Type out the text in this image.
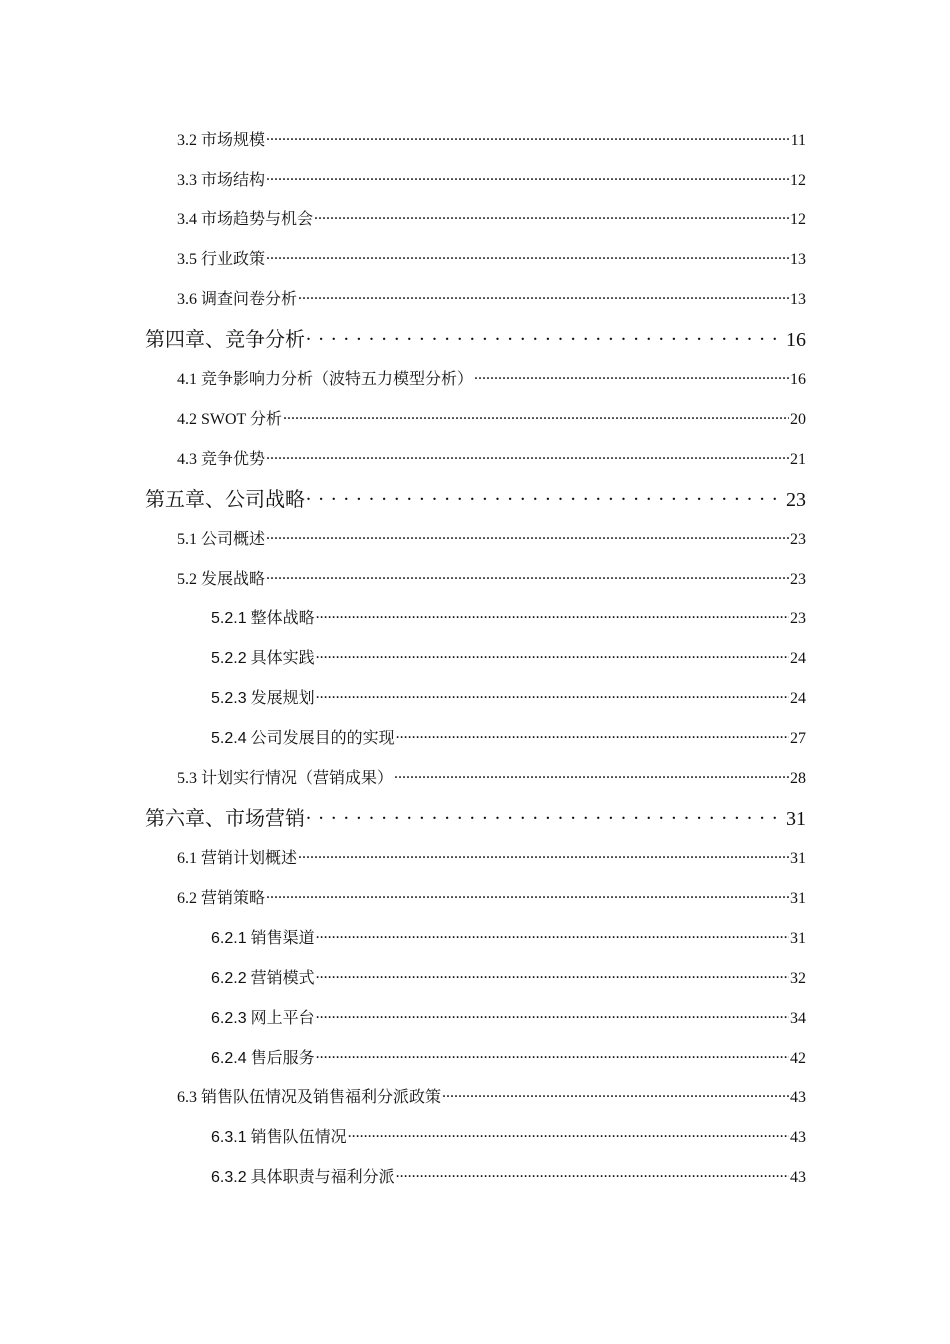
3.2 市场规模 .....	11
3.3 市场结构 .....	12
3.4 市场趋势与机会 .....	12
3.5 行业政策 .....	13
3.6 调查问卷分析 .....	13
第四章、竞争分析 . . .	16
4.1 竞争影响力分析（波特五力模型分析） .....	16
4.2 SWOT 分析 .....	20
4.3 竞争优势 .....	21
第五章、公司战略 . . .	23
5.1 公司概述 .....	23
5.2 发展战略 .....	23
5.2.1 整体战略 .....	23
5.2.2 具体实践 .....	24
5.2.3 发展规划 .....	24
5.2.4 公司发展目的的实现 .....	27
5.3 计划实行情况（营销成果） .....	28
第六章、市场营销 . . .	31
6.1 营销计划概述 .....	31
6.2 营销策略 .....	31
6.2.1 销售渠道 .....	31
6.2.2 营销模式 .....	32
6.2.3 网上平台 .....	34
6.2.4 售后服务 .....	42
6.3 销售队伍情况及销售福利分派政策 .....	43
6.3.1 销售队伍情况 .....	43
6.3.2 具体职责与福利分派 .....	43
